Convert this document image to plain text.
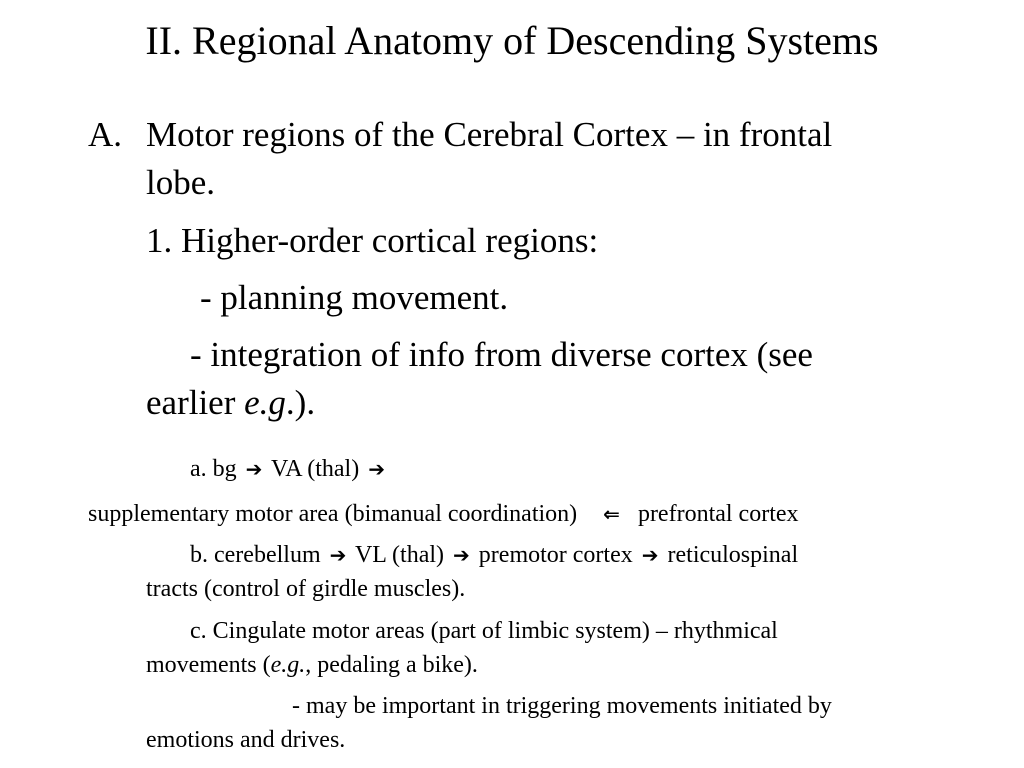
II. Regional Anatomy of Descending Systems
A. Motor regions of the Cerebral Cortex – in frontal
lobe.
1. Higher-order cortical regions:
- planning movement.
- integration of info from diverse cortex (see
earlier e.g.).
a. bg ➔ VA (thal) ➔
supplementary motor area (bimanual coordination) ⇐ prefrontal cortex
b. cerebellum ➔ VL (thal) ➔ premotor cortex ➔ reticulospinal
tracts (control of girdle muscles).
c. Cingulate motor areas (part of limbic system) – rhythmical
movements (e.g., pedaling a bike).
- may be important in triggering movements initiated by
emotions and drives.
